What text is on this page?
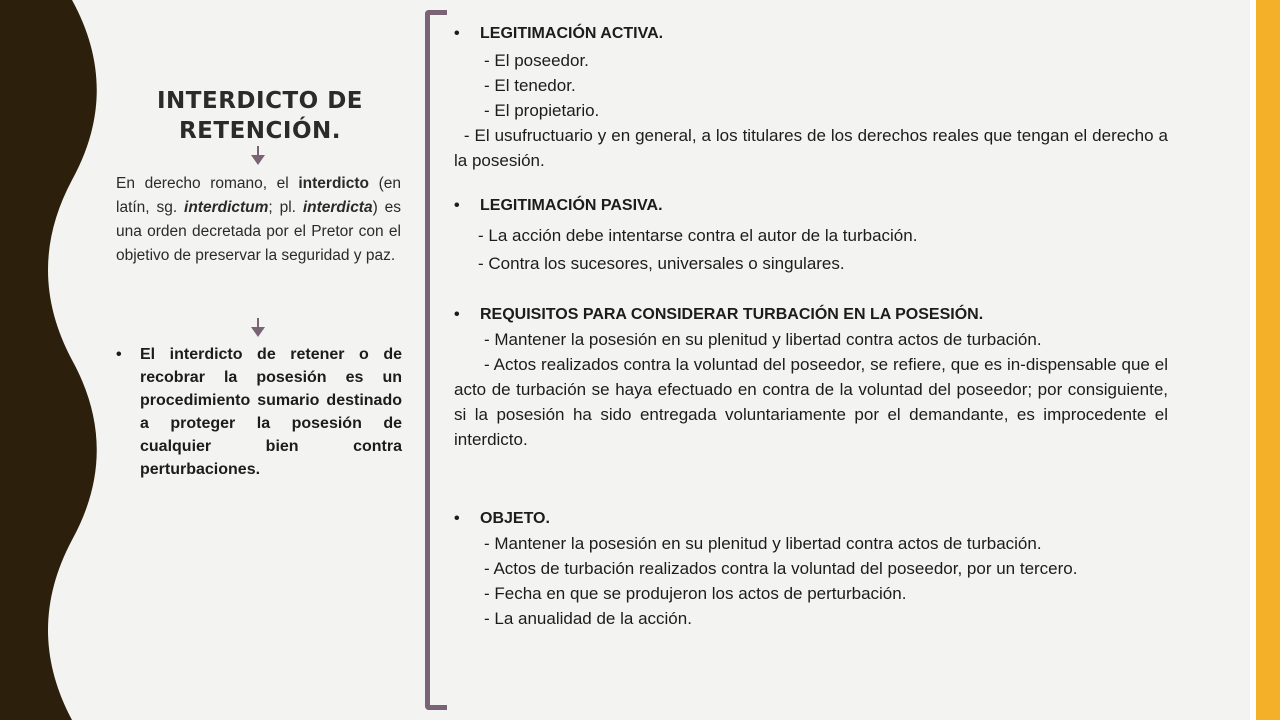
INTERDICTO DE
RETENCIÓN.
En derecho romano, el interdicto (en latín, sg. interdictum; pl. interdicta) es una orden decretada por el Pretor con el objetivo de preservar la seguridad y paz.
• El interdicto de retener o de recobrar la posesión es un procedimiento sumario destinado a proteger la posesión de cualquier bien contra perturbaciones.
• LEGITIMACIÓN ACTIVA.
- El poseedor.
- El tenedor.
- El propietario.
- El usufructuario y en general, a los titulares de los derechos reales que tengan el derecho a la posesión.
• LEGITIMACIÓN PASIVA.
- La acción debe intentarse contra el autor de la turbación.
- Contra los sucesores, universales o singulares.
• REQUISITOS PARA CONSIDERAR TURBACIÓN EN LA POSESIÓN.
- Mantener la posesión en su plenitud y libertad contra actos de turbación.
- Actos realizados contra la voluntad del poseedor, se refiere, que es in-dispensable que el acto de turbación se haya efectuado en contra de la voluntad del poseedor; por consiguiente, si la posesión ha sido entregada voluntariamente por el demandante, es improcedente el interdicto.
• OBJETO.
- Mantener la posesión en su plenitud y libertad contra actos de turbación.
- Actos de turbación realizados contra la voluntad del poseedor, por un tercero.
- Fecha en que se produjeron los actos de perturbación.
- La anualidad de la acción.
